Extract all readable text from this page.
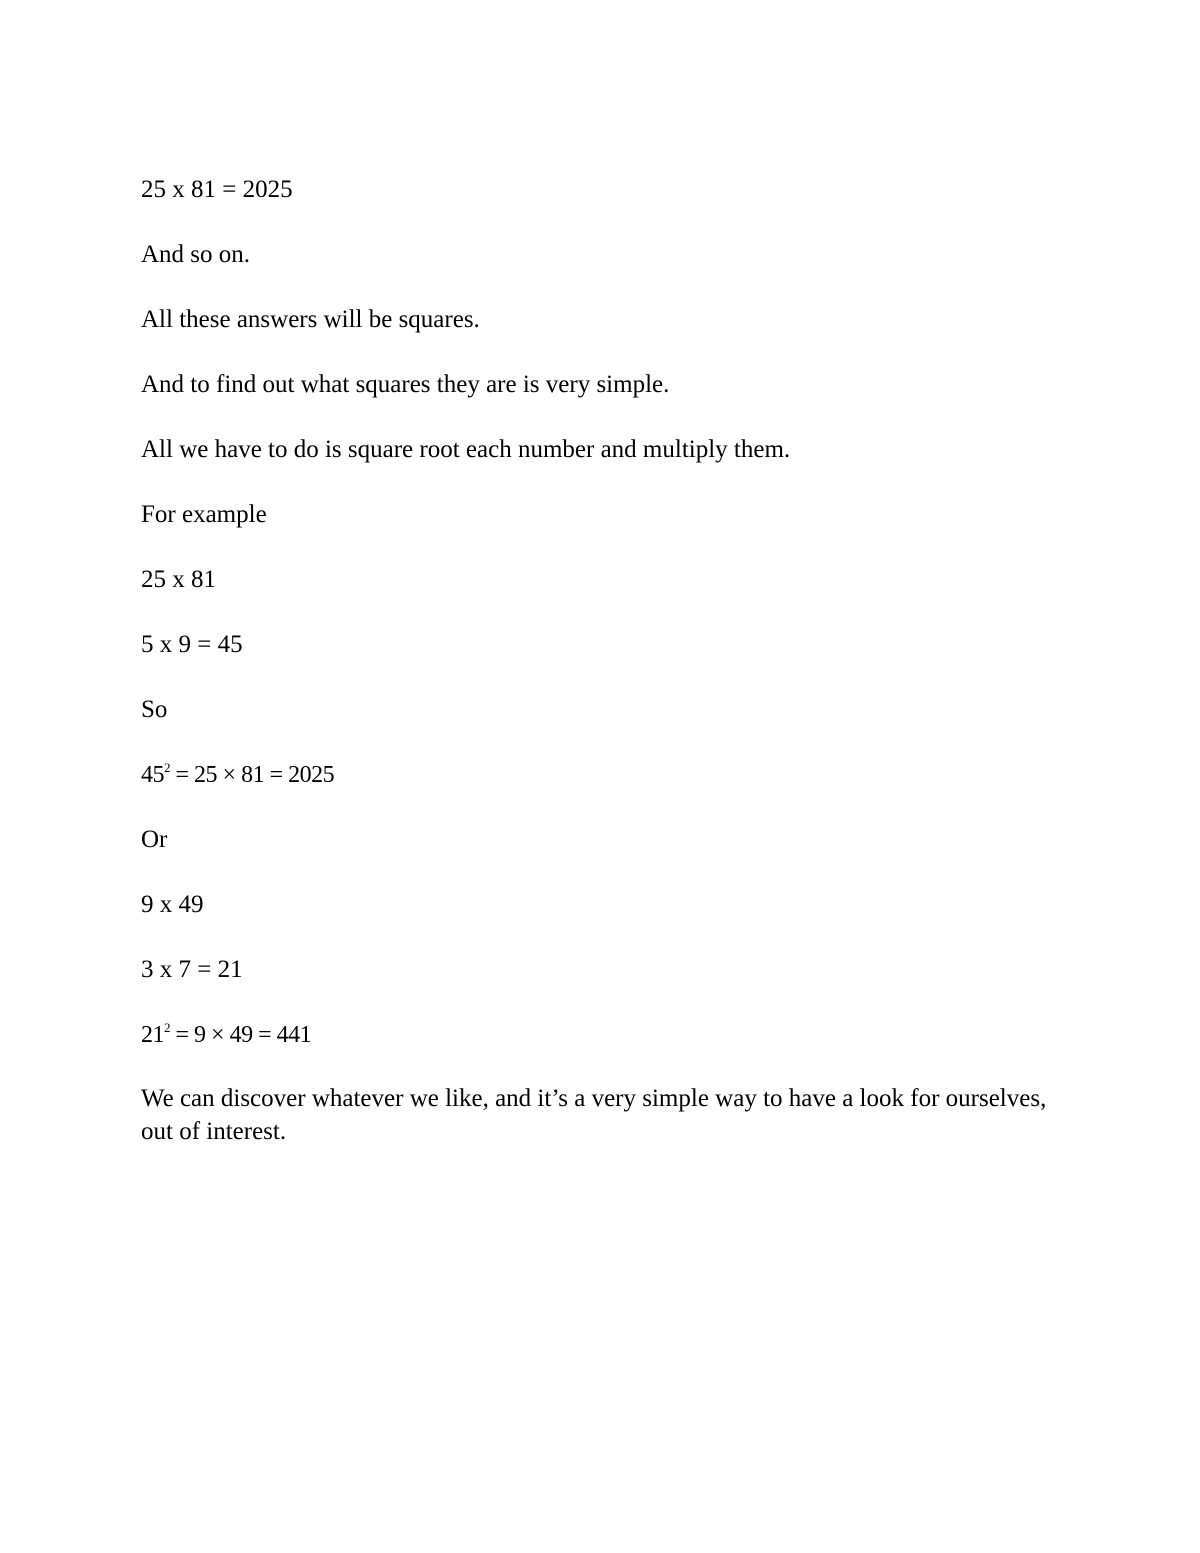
25 x 81 = 2025
And so on.
All these answers will be squares.
And to find out what squares they are is very simple.
All we have to do is square root each number and multiply them.
For example
25 x 81
5 x 9 = 45
So
$45^2 = 25 \times 81 = 2025$
Or
9 x 49
3 x 7 = 21
$21^2 = 9 \times 49 = 441$
We can discover whatever we like, and it’s a very simple way to have a look for ourselves, out of interest.
